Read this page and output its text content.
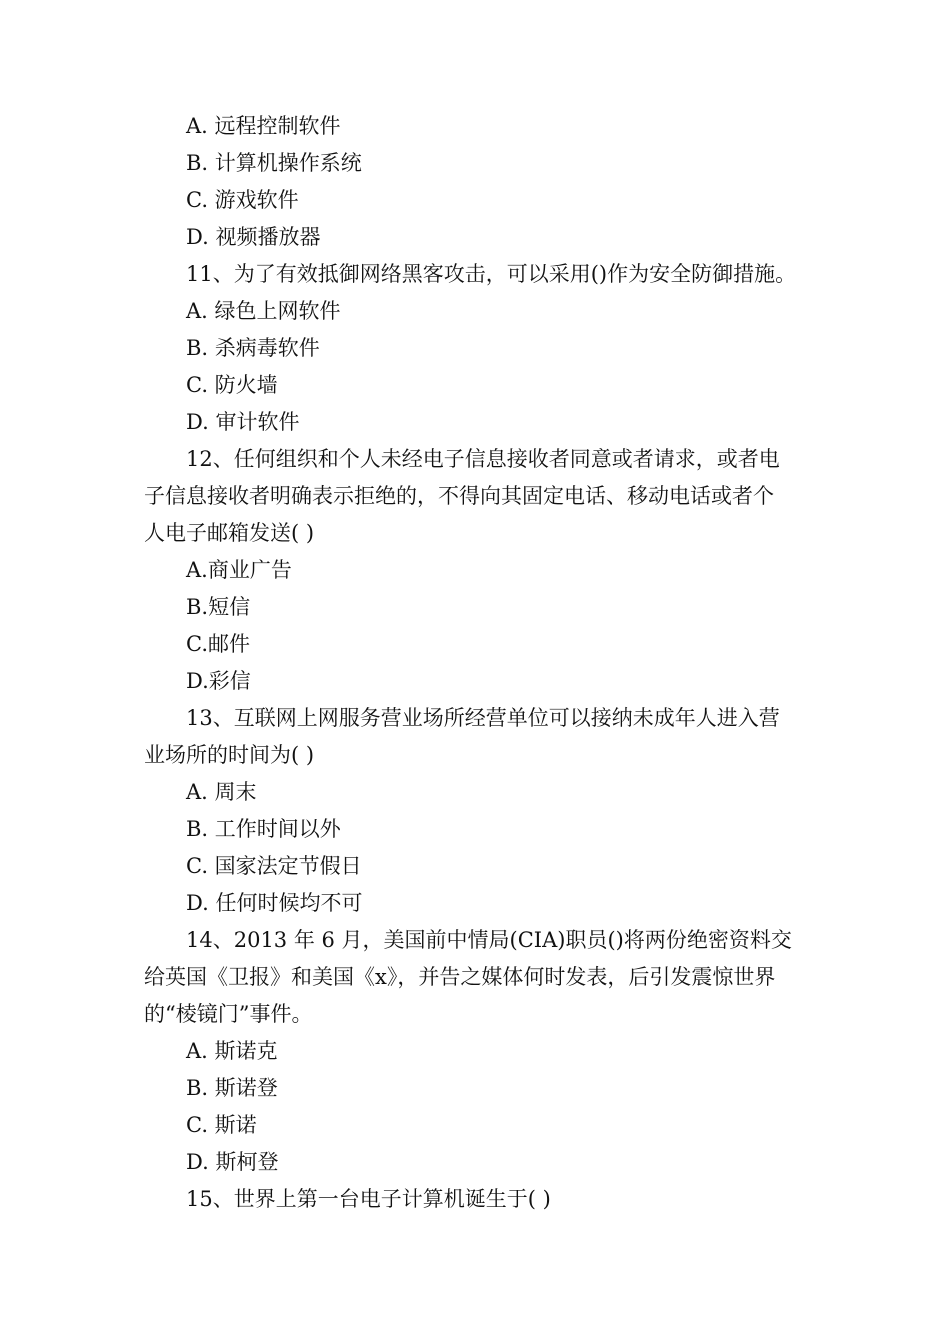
A. 远程控制软件
B. 计算机操作系统
C. 游戏软件
D. 视频播放器
11、为了有效抵御网络黑客攻击，可以采用()作为安全防御措施。
A. 绿色上网软件
B. 杀病毒软件
C. 防火墙
D. 审计软件
12、任何组织和个人未经电子信息接收者同意或者请求，或者电
子信息接收者明确表示拒绝的，不得向其固定电话、移动电话或者个
人电子邮箱发送( )
A.商业广告
B.短信
C.邮件
D.彩信
13、互联网上网服务营业场所经营单位可以接纳未成年人进入营
业场所的时间为( )
A. 周末
B. 工作时间以外
C. 国家法定节假日
D. 任何时候均不可
14、2013 年 6 月，美国前中情局(CIA)职员()将两份绝密资料交
给英国《卫报》和美国《x》，并告之媒体何时发表，后引发震惊世界
的“棱镜门”事件。
A. 斯诺克
B. 斯诺登
C. 斯诺
D. 斯柯登
15、世界上第一台电子计算机诞生于( )
